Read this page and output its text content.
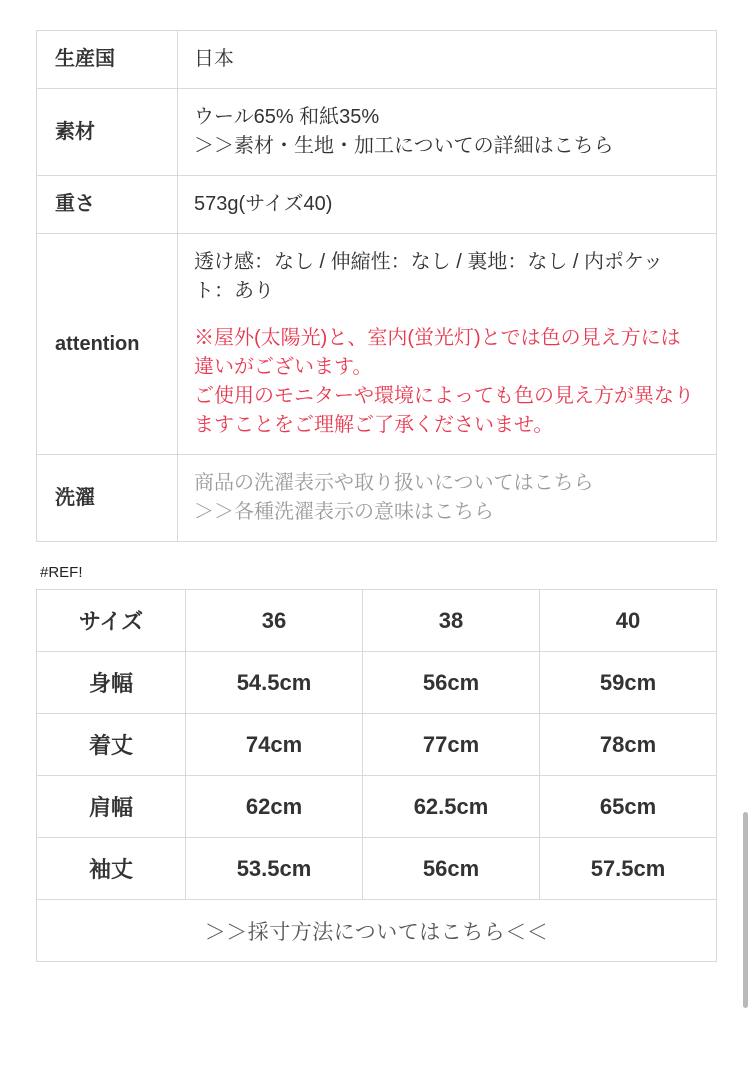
生産国	日本

素材	ウール65% 和紙35%
＞＞素材・生地・加工についての詳細はこちら

重さ	573g(サイズ40)

attention	透け感：なし / 伸縮性：なし / 裏地：なし / 内ポケット：あり
※屋外(太陽光)と、室内(蛍光灯)とでは色の見え方には違いがございます。
ご使用のモニターや環境によっても色の見え方が異なりますことをご理解ご了承くださいませ。

洗濯	商品の洗濯表示や取り扱いについてはこちら
＞＞各種洗濯表示の意味はこちら
#REF!
サイズ	36	38	40
身幅	54.5cm	56cm	59cm
着丈	74cm	77cm	78cm
肩幅	62cm	62.5cm	65cm
袖丈	53.5cm	56cm	57.5cm
＞＞採寸方法についてはこちら＜＜			
